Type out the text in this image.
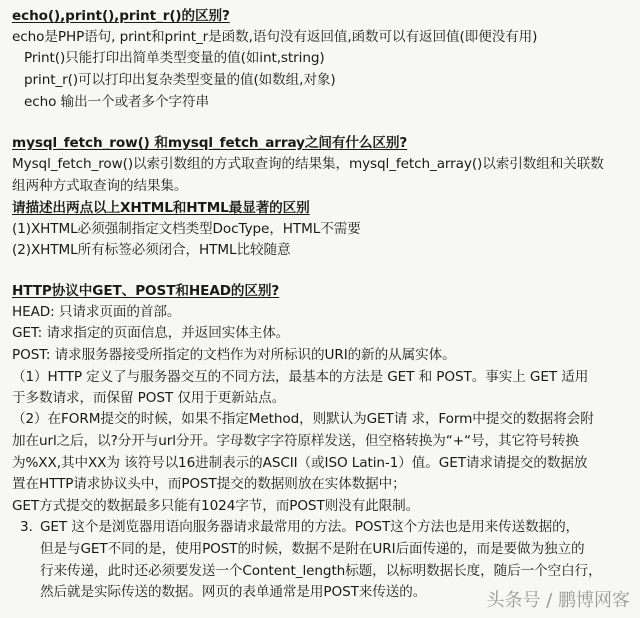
echo(),print(),print_r()的区别?
echo是PHP语句, print和print_r是函数,语句没有返回值,函数可以有返回值(即便没有用)
Print()只能打印出简单类型变量的值(如int,string)
print_r()可以打印出复杂类型变量的值(如数组,对象)
echo 输出一个或者多个字符串
mysql_fetch_row() 和mysql_fetch_array之间有什么区别?
Mysql_fetch_row()以索引数组的方式取查询的结果集，mysql_fetch_array()以索引数组和关联数
组两种方式取查询的结果集。
请描述出两点以上XHTML和HTML最显著的区别
(1)XHTML必须强制指定文档类型DocType，HTML不需要
(2)XHTML所有标签必须闭合，HTML比较随意
HTTP协议中GET、POST和HEAD的区别?
HEAD: 只请求页面的首部。
GET: 请求指定的页面信息，并返回实体主体。
POST: 请求服务器接受所指定的文档作为对所标识的URI的新的从属实体。
（1）HTTP 定义了与服务器交互的不同方法，最基本的方法是 GET 和 POST。事实上 GET 适用
于多数请求，而保留 POST 仅用于更新站点。
（2）在FORM提交的时候，如果不指定Method，则默认为GET请 求，Form中提交的数据将会附
加在url之后，以?分开与url分开。字母数字字符原样发送，但空格转换为“+“号，其它符号转换
为%XX,其中XX为 该符号以16进制表示的ASCII（或ISO Latin-1）值。GET请求请提交的数据放
置在HTTP请求协议头中，而POST提交的数据则放在实体数据中；
GET方式提交的数据最多只能有1024字节，而POST则没有此限制。
3. GET 这个是浏览器用语向服务器请求最常用的方法。POST这个方法也是用来传送数据的，
但是与GET不同的是，使用POST的时候，数据不是附在URI后面传递的，而是要做为独立的
行来传递，此时还必须要发送一个Content_length标题，以标明数据长度，随后一个空白行，
然后就是实际传送的数据。网页的表单通常是用POST来传送的。	头条号 / 鹏博网客
